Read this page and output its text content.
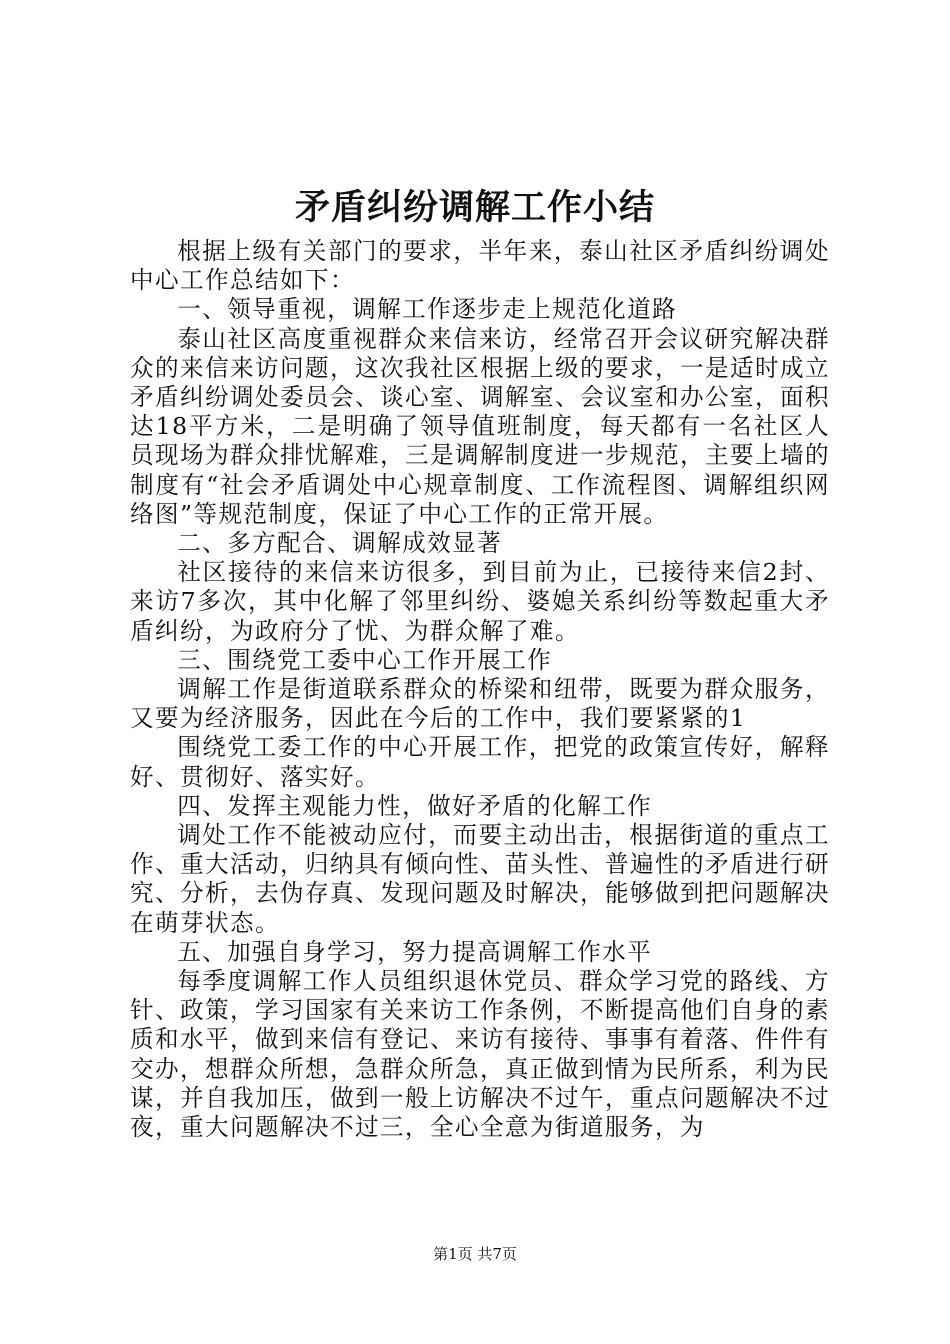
矛盾纠纷调解工作小结

根据上级有关部门的要求，半年来，泰山社区矛盾纠纷调处中心工作总结如下：

一、领导重视，调解工作逐步走上规范化道路

泰山社区高度重视群众来信来访，经常召开会议研究解决群众的来信来访问题，这次我社区根据上级的要求，一是适时成立矛盾纠纷调处委员会、谈心室、调解室、会议室和办公室，面积达18平方米，二是明确了领导值班制度，每天都有一名社区人员现场为群众排忧解难，三是调解制度进一步规范，主要上墙的制度有“社会矛盾调处中心规章制度、工作流程图、调解组织网络图”等规范制度，保证了中心工作的正常开展。

二、多方配合、调解成效显著

社区接待的来信来访很多，到目前为止，已接待来信2封、来访7多次，其中化解了邻里纠纷、婆媳关系纠纷等数起重大矛盾纠纷，为政府分了忧、为群众解了难。

三、围绕党工委中心工作开展工作

调解工作是街道联系群众的桥梁和纽带，既要为群众服务，又要为经济服务，因此在今后的工作中，我们要紧紧的1

围绕党工委工作的中心开展工作，把党的政策宣传好，解释好、贯彻好、落实好。

四、发挥主观能力性，做好矛盾的化解工作

调处工作不能被动应付，而要主动出击，根据街道的重点工作、重大活动，归纳具有倾向性、苗头性、普遍性的矛盾进行研究、分析，去伪存真、发现问题及时解决，能够做到把问题解决在萌芽状态。

五、加强自身学习，努力提高调解工作水平

每季度调解工作人员组织退休党员、群众学习党的路线、方针、政策，学习国家有关来访工作条例，不断提高他们自身的素质和水平，做到来信有登记、来访有接待、事事有着落、件件有交办，想群众所想，急群众所急，真正做到情为民所系，利为民谋，并自我加压，做到一般上访解决不过午，重点问题解决不过夜，重大问题解决不过三，全心全意为街道服务，为

第1页 共7页
